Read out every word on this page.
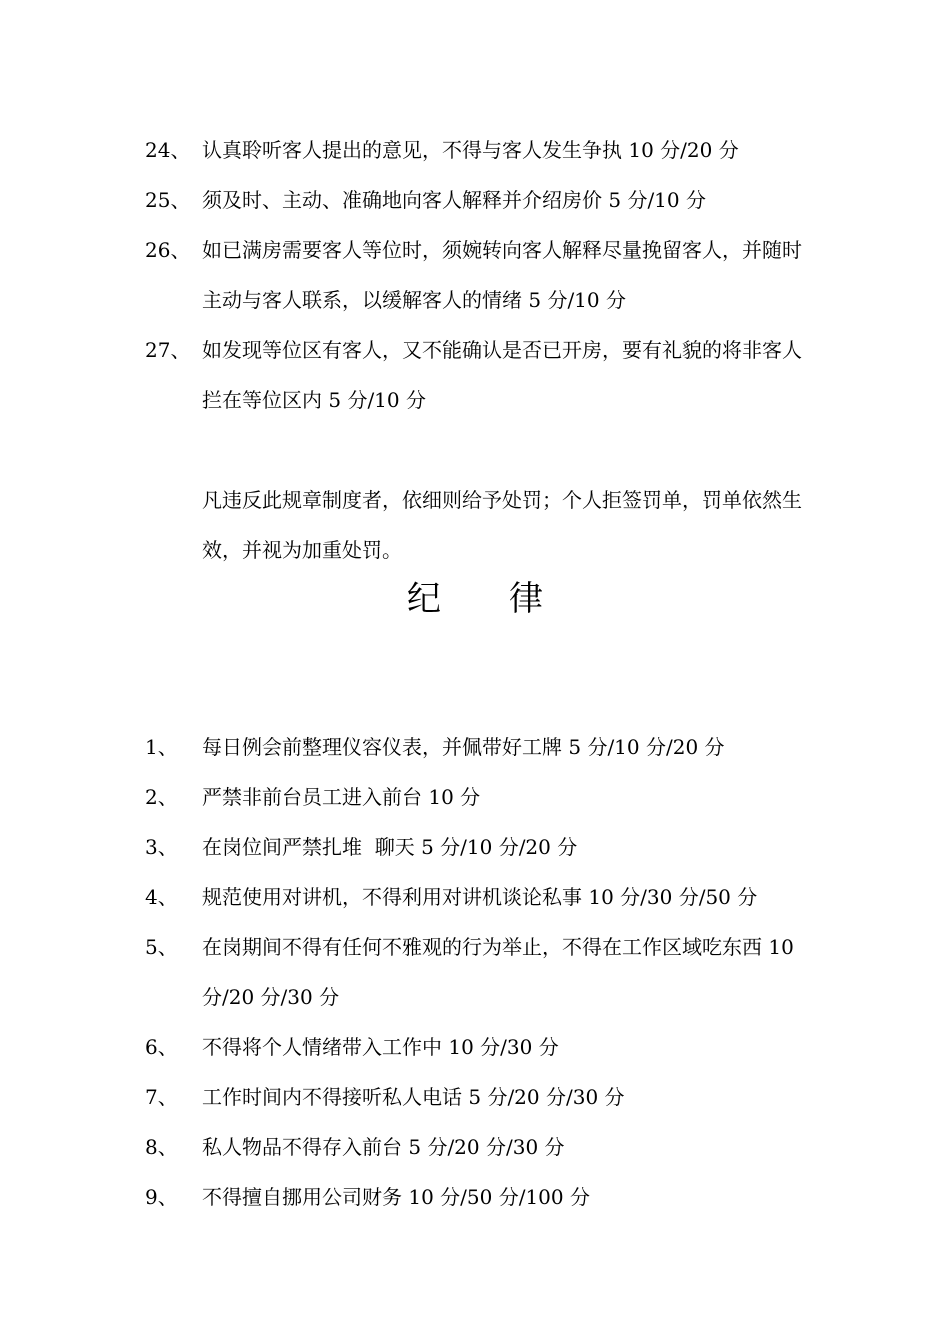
24、 认真聆听客人提出的意见，不得与客人发生争执 10 分/20 分
25、 须及时、主动、准确地向客人解释并介绍房价 5 分/10 分
26、 如已满房需要客人等位时，须婉转向客人解释尽量挽留客人，并随时主动与客人联系，以缓解客人的情绪 5 分/10 分
27、 如发现等位区有客人，又不能确认是否已开房，要有礼貌的将非客人拦在等位区内 5 分/10 分
凡违反此规章制度者，依细则给予处罚；个人拒签罚单，罚单依然生效，并视为加重处罚。
纪　　律
1、	每日例会前整理仪容仪表，并佩带好工牌 5 分/10 分/20 分
2、	严禁非前台员工进入前台 10 分
3、	在岗位间严禁扎堆  聊天 5 分/10 分/20 分
4、	规范使用对讲机，不得利用对讲机谈论私事 10 分/30 分/50 分
5、	在岗期间不得有任何不雅观的行为举止，不得在工作区域吃东西 10 分/20 分/30 分
6、	不得将个人情绪带入工作中 10 分/30 分
7、	工作时间内不得接听私人电话 5 分/20 分/30 分
8、	私人物品不得存入前台 5 分/20 分/30 分
9、	不得擅自挪用公司财务 10 分/50 分/100 分
